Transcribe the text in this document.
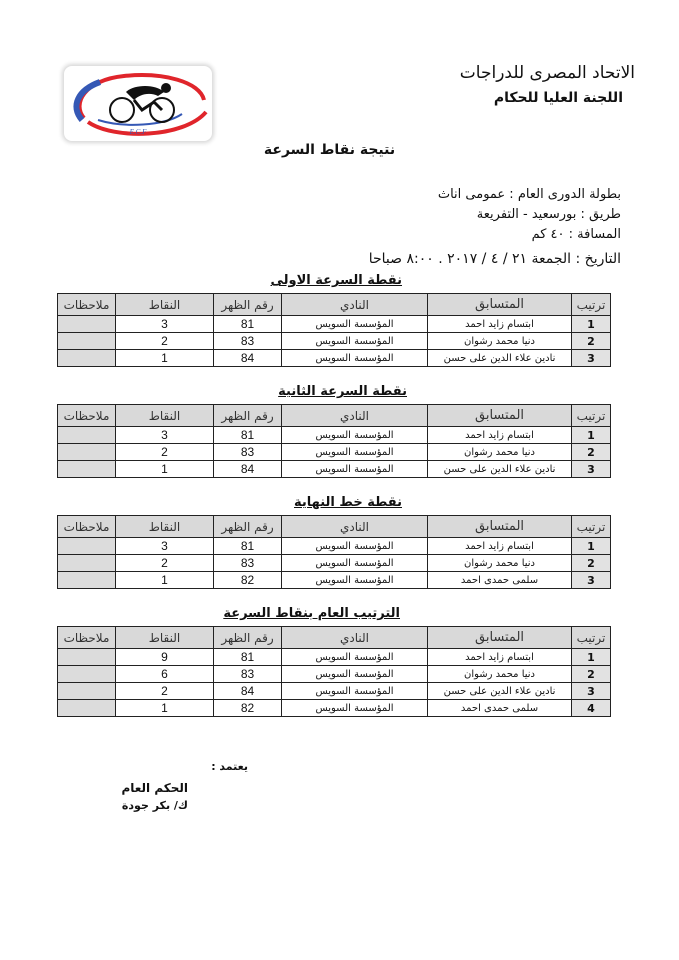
الاتحاد المصرى للدراجات
اللجنة العليا للحكام
E.C.F
نتيجة نقاط السرعة
بطولة الدورى العام : عمومى اناث
طريق : بورسعيد - التفريعة
المسافة : ٤٠ كم
التاريخ : الجمعة ٢١ / ٤ / ٢٠١٧ . ٨:٠٠ صباحا
نقطة السرعة الاولى
ترتيب	المتسابق	النادي	رقم الظهر	النقاط	ملاحظات
1	ابتسام زايد احمد	المؤسسة السويس	81	3	
2	دنيا محمد رشوان	المؤسسة السويس	83	2	
3	نادين علاء الدين على حسن	المؤسسة السويس	84	1	
نقطة السرعة الثانية
ترتيب	المتسابق	النادي	رقم الظهر	النقاط	ملاحظات
1	ابتسام زايد احمد	المؤسسة السويس	81	3	
2	دنيا محمد رشوان	المؤسسة السويس	83	2	
3	نادين علاء الدين على حسن	المؤسسة السويس	84	1	
نقطة خط النهاية
ترتيب	المتسابق	النادي	رقم الظهر	النقاط	ملاحظات
1	ابتسام زايد احمد	المؤسسة السويس	81	3	
2	دنيا محمد رشوان	المؤسسة السويس	83	2	
3	سلمى حمدى احمد	المؤسسة السويس	82	1	
الترتيب العام بنقاط السرعة
ترتيب	المتسابق	النادي	رقم الظهر	النقاط	ملاحظات
1	ابتسام زايد احمد	المؤسسة السويس	81	9	
2	دنيا محمد رشوان	المؤسسة السويس	83	6	
3	نادين علاء الدين على حسن	المؤسسة السويس	84	2	
4	سلمى حمدى احمد	المؤسسة السويس	82	1	
يعتمد :
الحكم العام
ك/ بكر جودة
